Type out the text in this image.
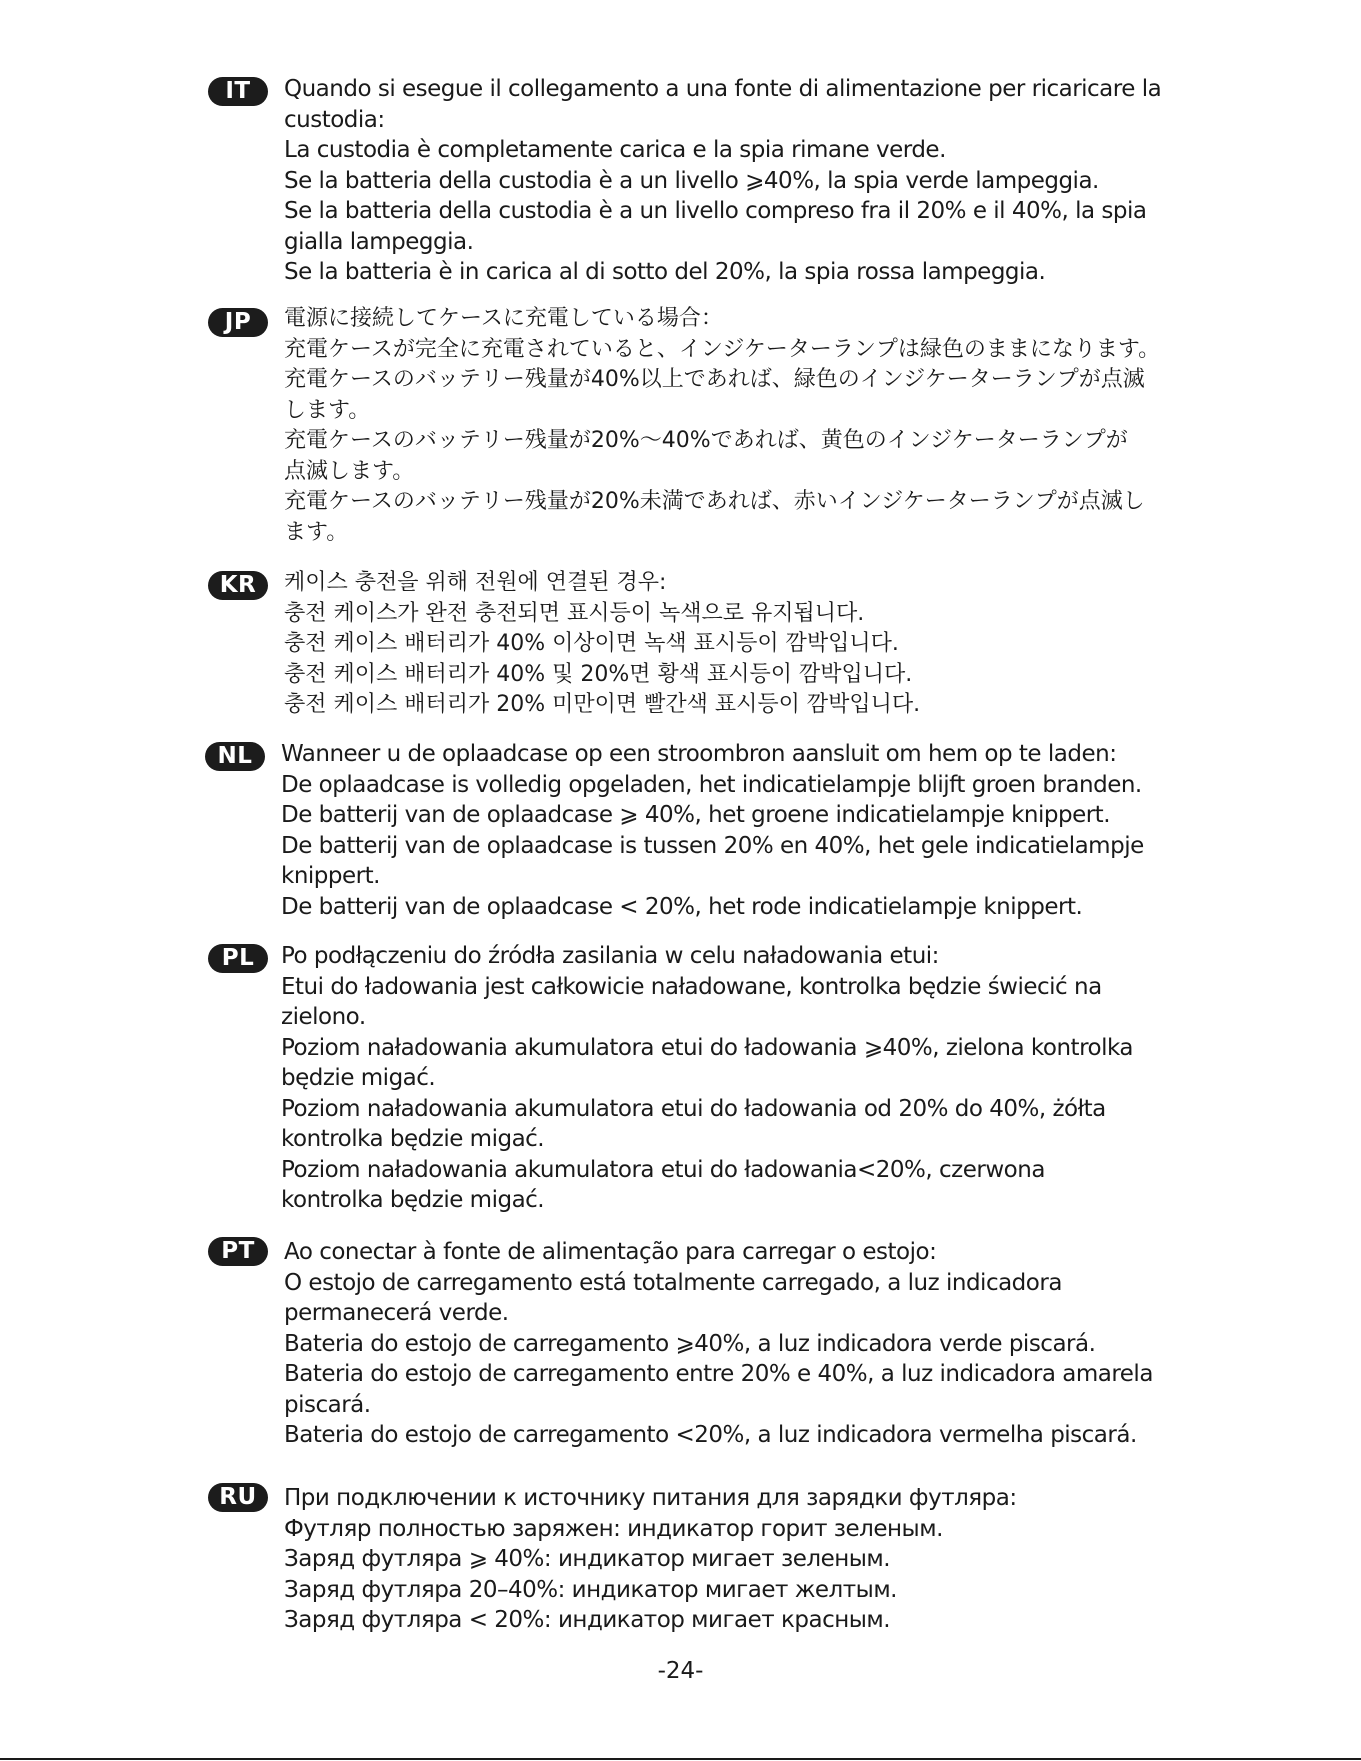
IT	Quando si esegue il collegamento a una fonte di alimentazione per ricaricare la
custodia:
La custodia è completamente carica e la spia rimane verde.
Se la batteria della custodia è a un livello ⩾40%, la spia verde lampeggia.
Se la batteria della custodia è a un livello compreso fra il 20% e il 40%, la spia
gialla lampeggia.
Se la batteria è in carica al di sotto del 20%, la spia rossa lampeggia.
JP	電源に接続してケースに充電している場合：
充電ケースが完全に充電されていると、インジケーターランプは緑色のままになります。
充電ケースのバッテリー残量が40%以上であれば、緑色のインジケーターランプが点滅
します。
充電ケースのバッテリー残量が20%～40%であれば、黄色のインジケーターランプが
点滅します。
充電ケースのバッテリー残量が20%未満であれば、赤いインジケーターランプが点滅し
ます。
KR	케이스 충전을 위해 전원에 연결된 경우:
충전 케이스가 완전 충전되면 표시등이 녹색으로 유지됩니다.
충전 케이스 배터리가 40% 이상이면 녹색 표시등이 깜박입니다.
충전 케이스 배터리가 40% 및 20%면 황색 표시등이 깜박입니다.
충전 케이스 배터리가 20% 미만이면 빨간색 표시등이 깜박입니다.
NL	Wanneer u de oplaadcase op een stroombron aansluit om hem op te laden:
De oplaadcase is volledig opgeladen, het indicatielampje blijft groen branden.
De batterij van de oplaadcase ⩾ 40%, het groene indicatielampje knippert.
De batterij van de oplaadcase is tussen 20% en 40%, het gele indicatielampje
knippert.
De batterij van de oplaadcase < 20%, het rode indicatielampje knippert.
PL	Po podłączeniu do źródła zasilania w celu naładowania etui:
Etui do ładowania jest całkowicie naładowane, kontrolka będzie świecić na
zielono.
Poziom naładowania akumulatora etui do ładowania ⩾40%, zielona kontrolka
będzie migać.
Poziom naładowania akumulatora etui do ładowania od 20% do 40%, żółta
kontrolka będzie migać.
Poziom naładowania akumulatora etui do ładowania<20%, czerwona
kontrolka będzie migać.
PT	Ao conectar à fonte de alimentação para carregar o estojo:
O estojo de carregamento está totalmente carregado, a luz indicadora
permanecerá verde.
Bateria do estojo de carregamento ⩾40%, a luz indicadora verde piscará.
Bateria do estojo de carregamento entre 20% e 40%, a luz indicadora amarela
piscará.
Bateria do estojo de carregamento <20%, a luz indicadora vermelha piscará.
RU	При подключении к источнику питания для зарядки футляра:
Футляр полностью заряжен: индикатор горит зеленым.
Заряд футляра ⩾ 40%: индикатор мигает зеленым.
Заряд футляра 20–40%: индикатор мигает желтым.
Заряд футляра < 20%: индикатор мигает красным.
-24-
